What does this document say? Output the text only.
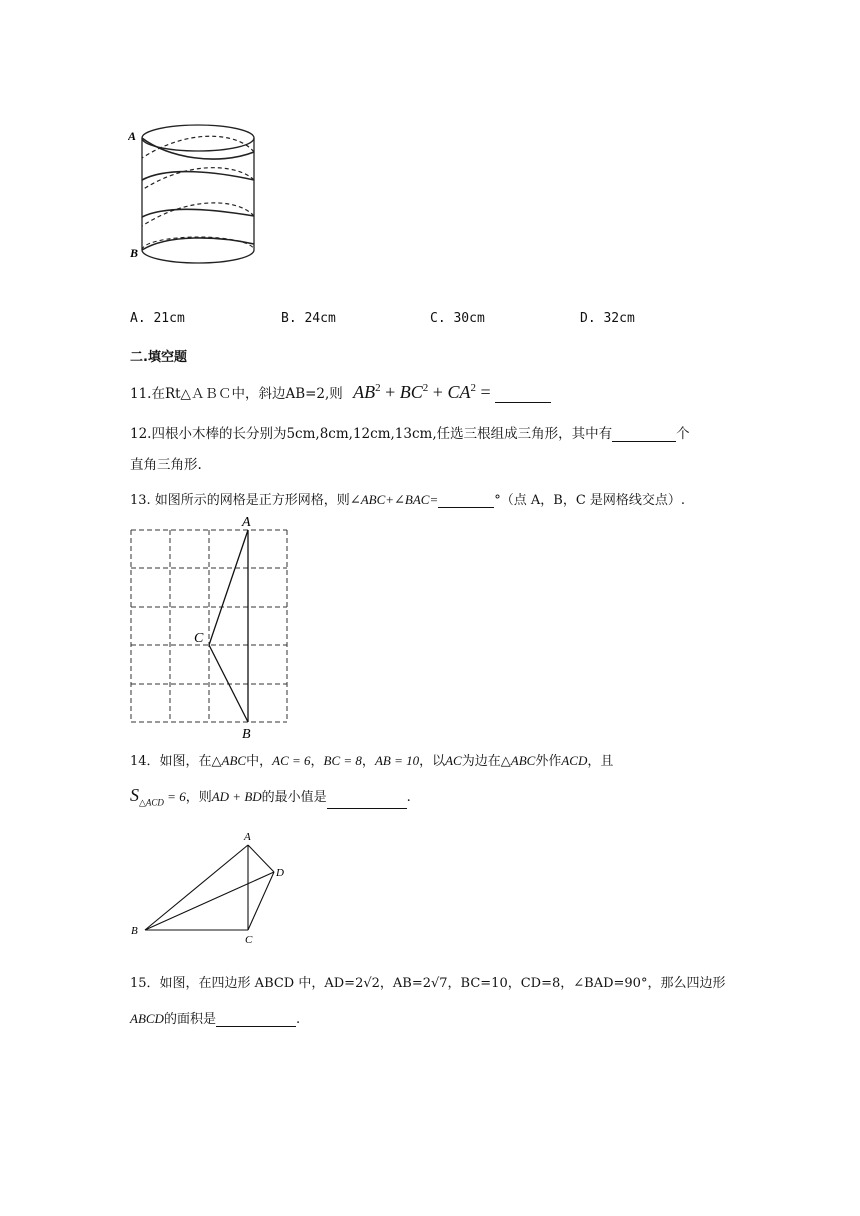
A
B
A. 21cm	B. 24cm	C. 30cm	D. 32cm
二.填空题
11.在Rt△ＡＢＣ中，斜边AB=2,则 $AB^2 + BC^2 + CA^2$ =
12.四根小木棒的长分别为5cm,8cm,12cm,13cm,任选三根组成三角形，其中有	个
直角三角形.
13. 如图所示的网格是正方形网格，则∠ABC+∠BAC=	°（点 A，B，C 是网格线交点）.
A
C
B
14．如图，在△ABC中，AC = 6，BC = 8，AB = 10，以AC为边在△ABC外作ACD，且
$S_{\triangle ACD} = 6$，则AD + BD的最小值是	.
A
D
B
C
15．如图，在四边形 ABCD 中，AD=2√2，AB=2√7，BC=10，CD=8，∠BAD=90°，那么四边形
ABCD的面积是	.
